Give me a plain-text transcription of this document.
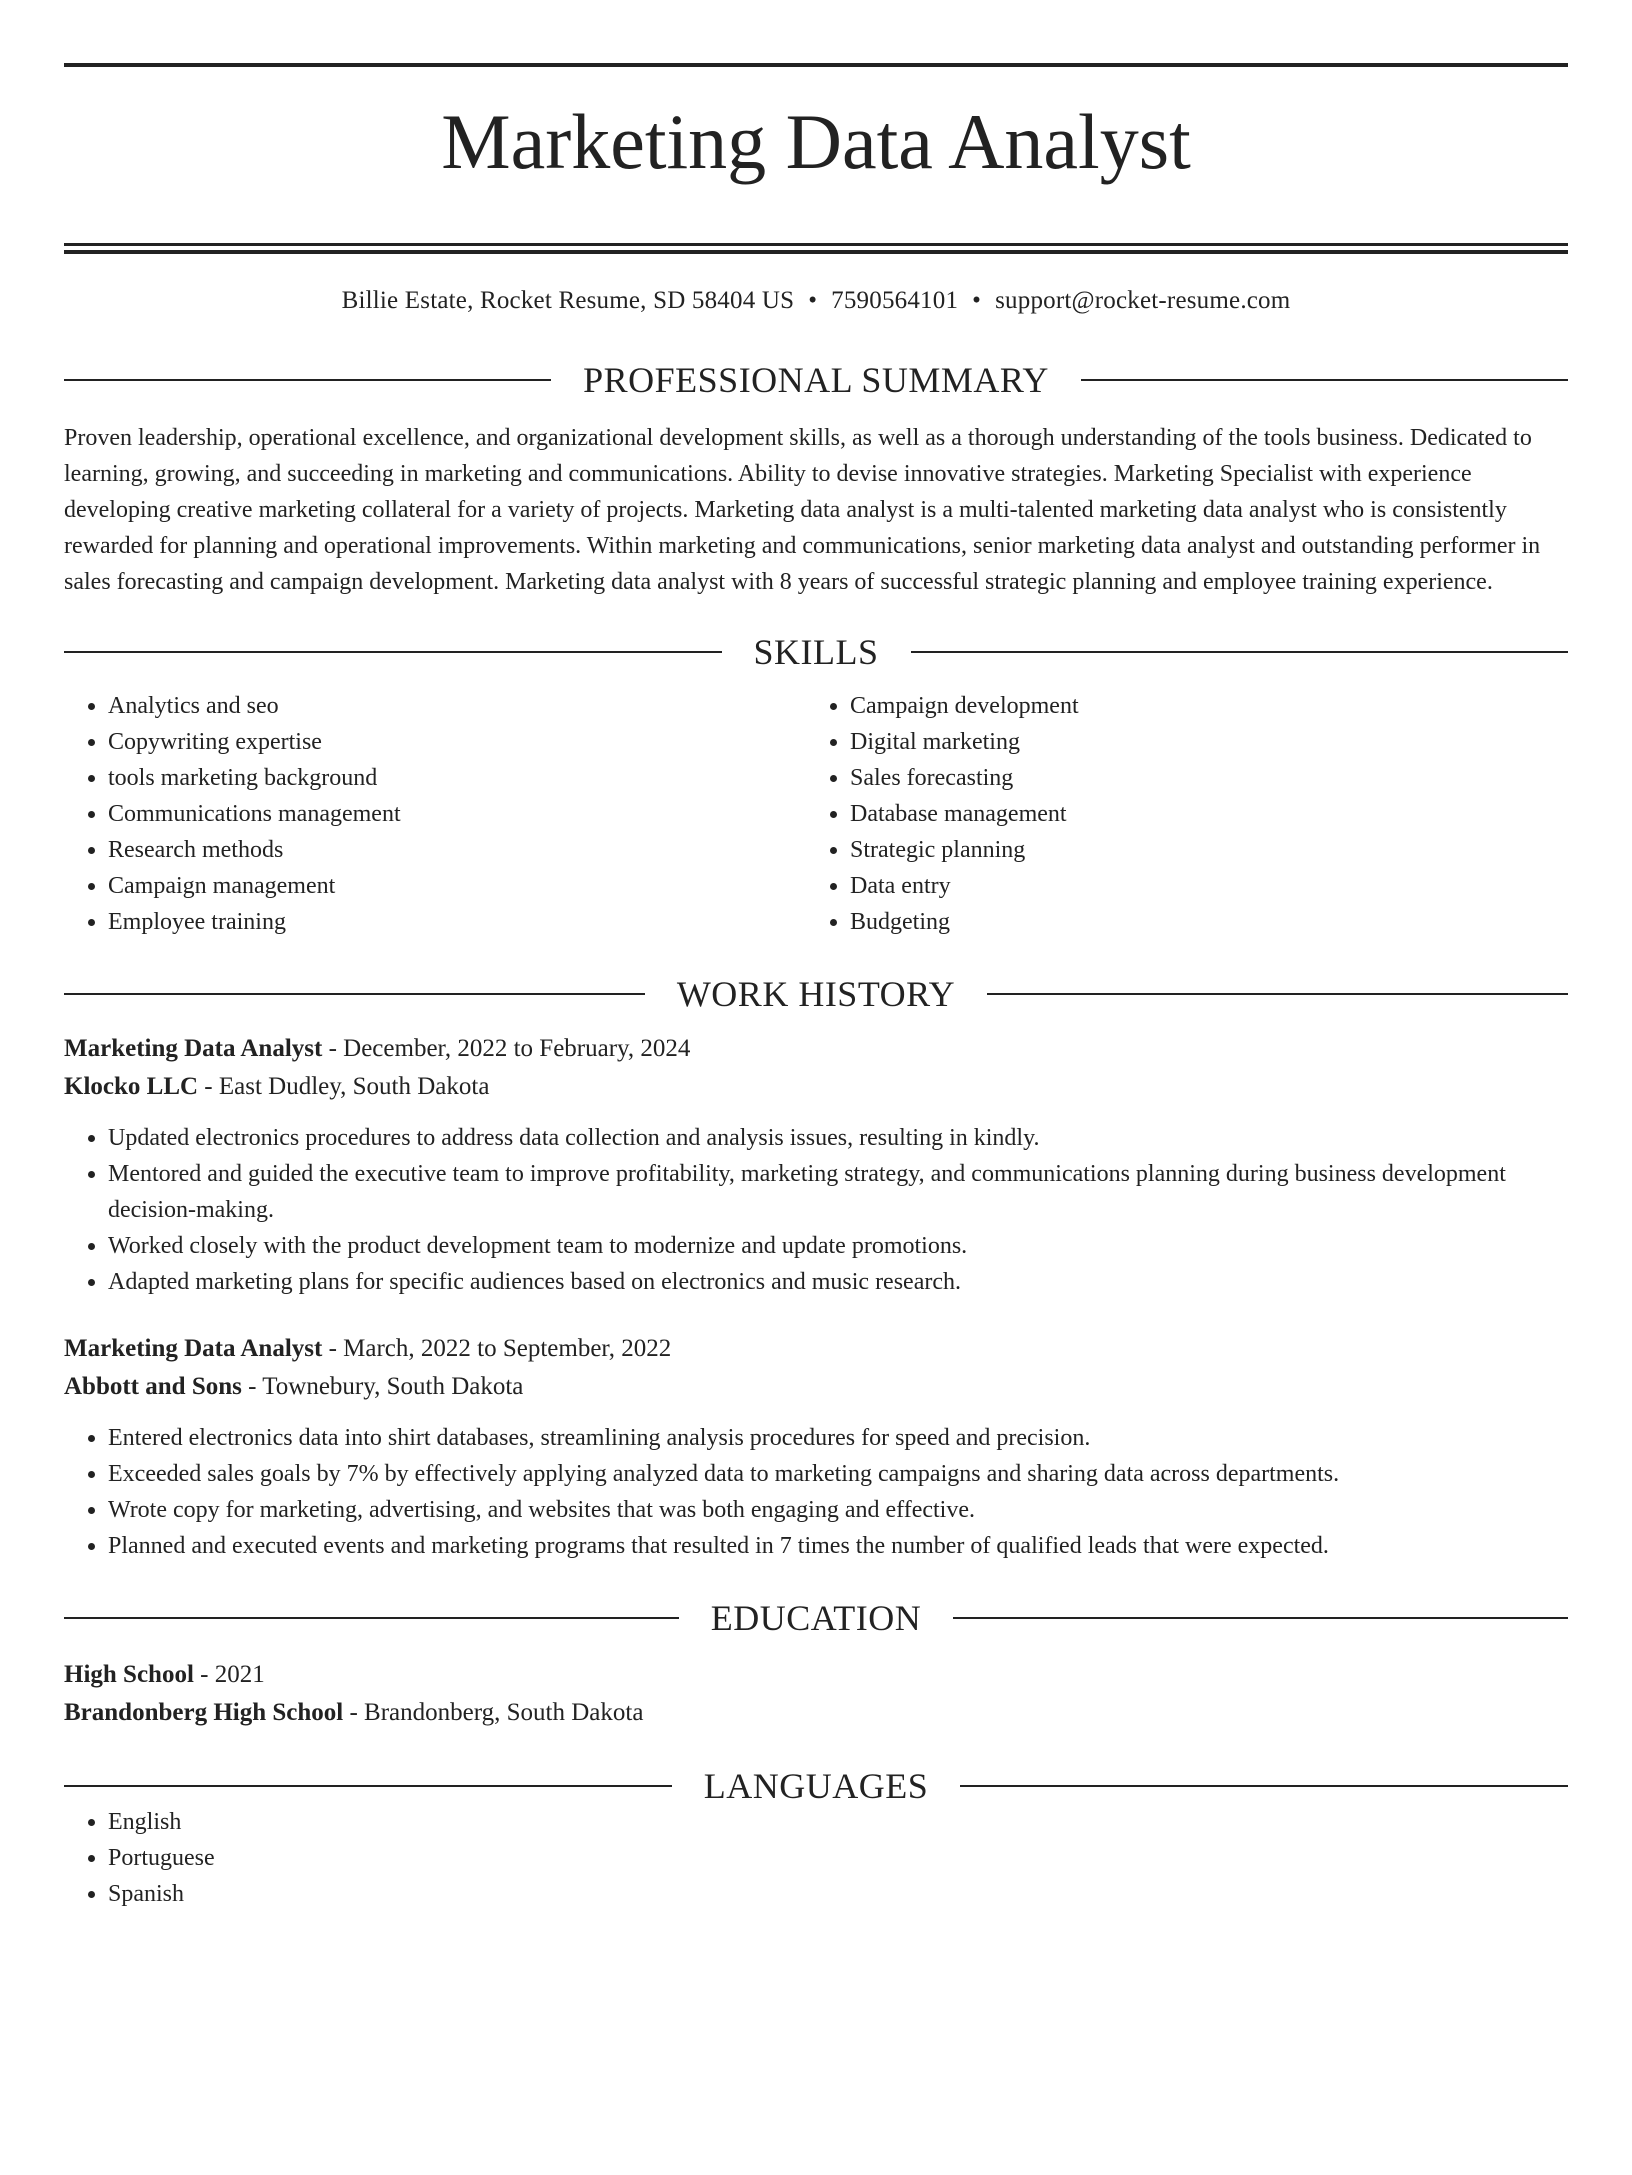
Marketing Data Analyst
Billie Estate, Rocket Resume, SD 58404 US • 7590564101 • support@rocket-resume.com
PROFESSIONAL SUMMARY

Proven leadership, operational excellence, and organizational development skills, as well as a thorough understanding of the tools business. Dedicated to learning, growing, and succeeding in marketing and communications. Ability to devise innovative strategies. Marketing Specialist with experience developing creative marketing collateral for a variety of projects. Marketing data analyst is a multi-talented marketing data analyst who is consistently rewarded for planning and operational improvements. Within marketing and communications, senior marketing data analyst and outstanding performer in sales forecasting and campaign development. Marketing data analyst with 8 years of successful strategic planning and employee training experience.

SKILLS
• Analytics and seo
• Copywriting expertise
• tools marketing background
• Communications management
• Research methods
• Campaign management
• Employee training
• Campaign development
• Digital marketing
• Sales forecasting
• Database management
• Strategic planning
• Data entry
• Budgeting
WORK HISTORY
Marketing Data Analyst - December, 2022 to February, 2024
Klocko LLC - East Dudley, South Dakota
• Updated electronics procedures to address data collection and analysis issues, resulting in kindly.
• Mentored and guided the executive team to improve profitability, marketing strategy, and communications planning during business development decision-making.
• Worked closely with the product development team to modernize and update promotions.
• Adapted marketing plans for specific audiences based on electronics and music research.
Marketing Data Analyst - March, 2022 to September, 2022
Abbott and Sons - Townebury, South Dakota
• Entered electronics data into shirt databases, streamlining analysis procedures for speed and precision.
• Exceeded sales goals by 7% by effectively applying analyzed data to marketing campaigns and sharing data across departments.
• Wrote copy for marketing, advertising, and websites that was both engaging and effective.
• Planned and executed events and marketing programs that resulted in 7 times the number of qualified leads that were expected.
EDUCATION
High School - 2021
Brandonberg High School - Brandonberg, South Dakota
LANGUAGES
• English
• Portuguese
• Spanish
